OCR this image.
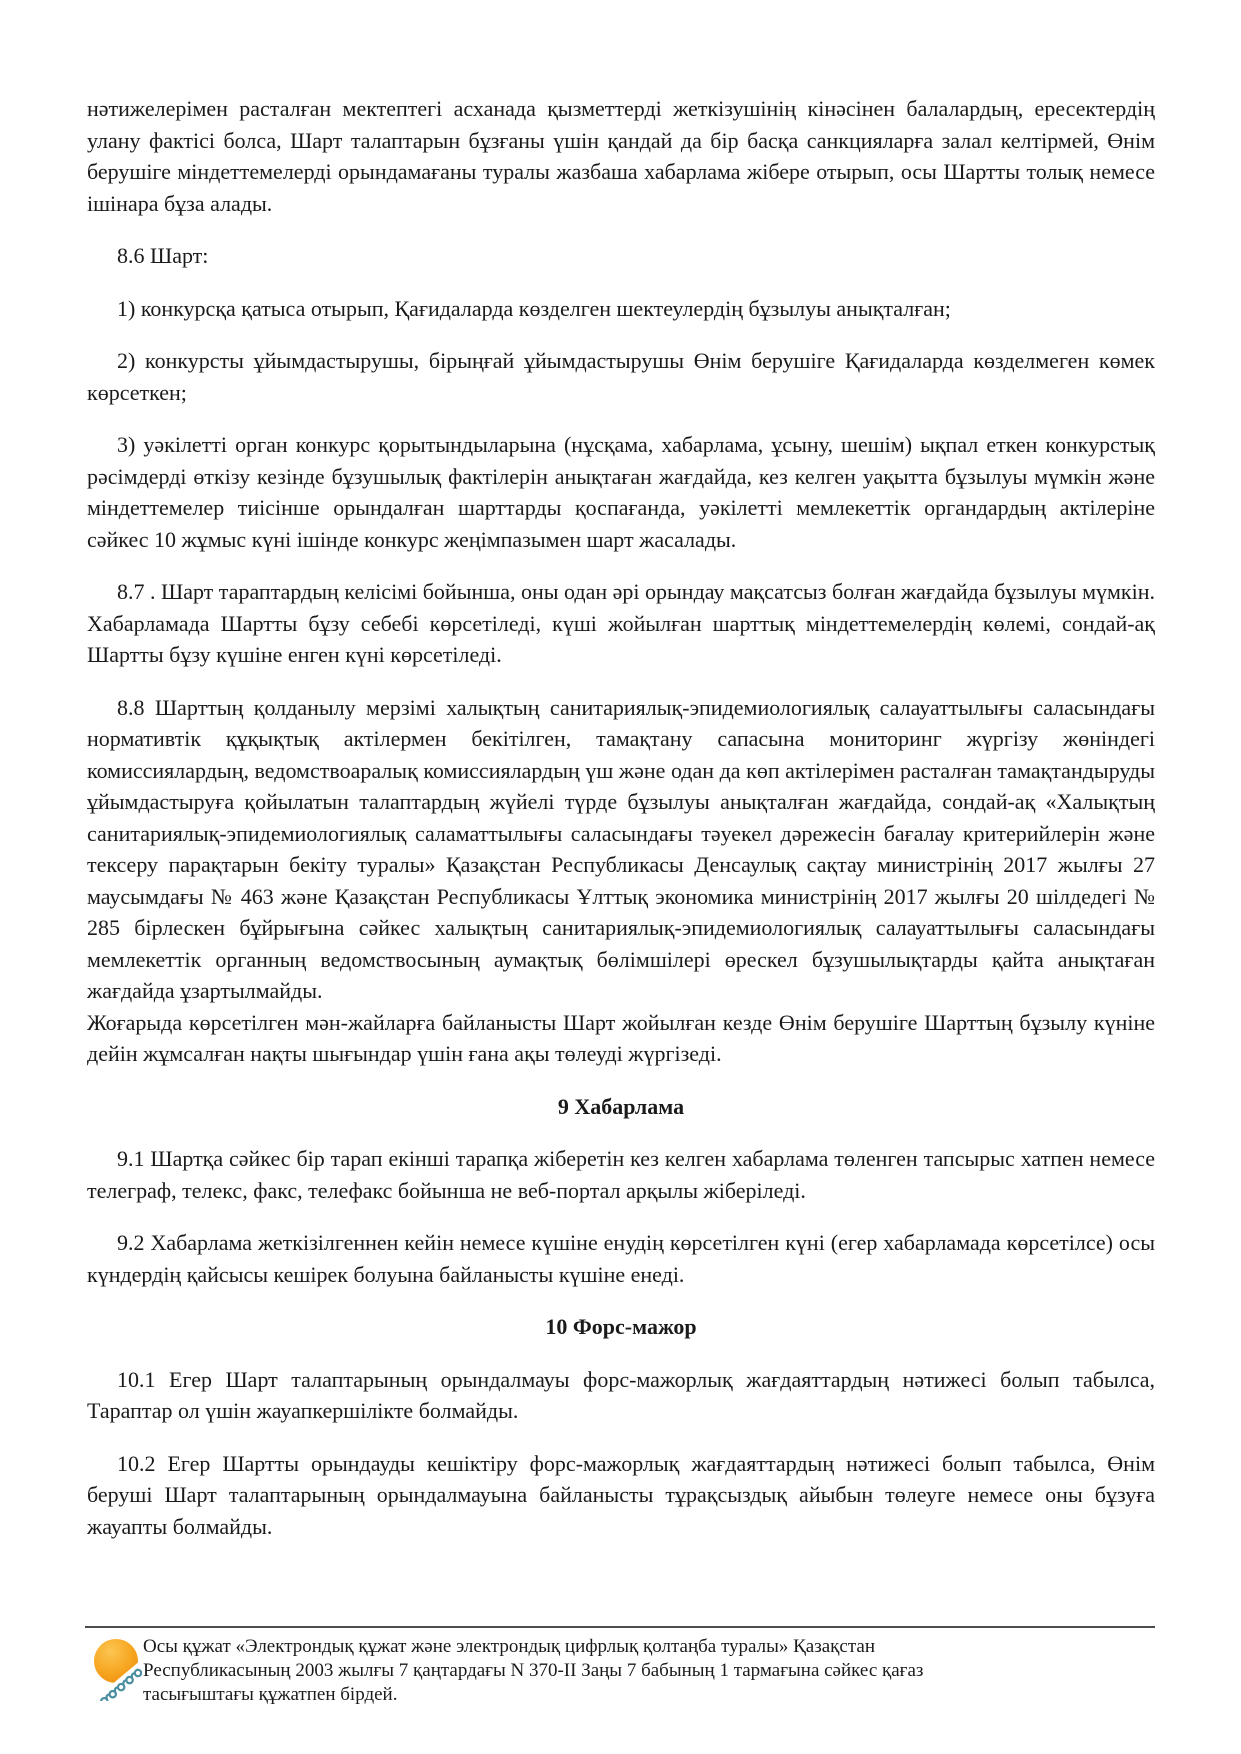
нәтижелерімен расталған мектептегі асханада қызметтерді жеткізушінің кінәсінен балалардың, ересектердің улану фактісі болса, Шарт талаптарын бұзғаны үшін қандай да бір басқа санкцияларға залал келтірмей, Өнім берушіге міндеттемелерді орындамағаны туралы жазбаша хабарлама жібере отырып, осы Шартты толық немесе ішінара бұза алады.

8.6 Шарт:

1) конкурсқа қатыса отырып, Қағидаларда көзделген шектеулердің бұзылуы анықталған;

2) конкурсты ұйымдастырушы, бірыңғай ұйымдастырушы Өнім берушіге Қағидаларда көзделмеген көмек көрсеткен;

3) уәкілетті орган конкурс қорытындыларына (нұсқама, хабарлама, ұсыну, шешім) ықпал еткен конкурстық рәсімдерді өткізу кезінде бұзушылық фактілерін анықтаған жағдайда, кез келген уақытта бұзылуы мүмкін және міндеттемелер тиісінше орындалған шарттарды қоспағанда, уәкілетті мемлекеттік органдардың актілеріне сәйкес 10 жұмыс күні ішінде конкурс жеңімпазымен шарт жасалады.

8.7 . Шарт тараптардың келісімі бойынша, оны одан әрі орындау мақсатсыз болған жағдайда бұзылуы мүмкін. Хабарламада Шартты бұзу себебі көрсетіледі, күші жойылған шарттық міндеттемелердің көлемі, сондай-ақ Шартты бұзу күшіне енген күні көрсетіледі.

8.8 Шарттың қолданылу мерзімі халықтың санитариялық-эпидемиологиялық салауаттылығы саласындағы нормативтік құқықтық актілермен бекітілген, тамақтану сапасына мониторинг жүргізу жөніндегі комиссиялардың, ведомствоаралық комиссиялардың үш және одан да көп актілерімен расталған тамақтандыруды ұйымдастыруға қойылатын талаптардың жүйелі түрде бұзылуы анықталған жағдайда, сондай-ақ «Халықтың санитариялық-эпидемиологиялық саламаттылығы саласындағы тәуекел дәрежесін бағалау критерийлерін және тексеру парақтарын бекіту туралы» Қазақстан Республикасы Денсаулық сақтау министрінің 2017 жылғы 27 маусымдағы № 463 және Қазақстан Республикасы Ұлттық экономика министрінің 2017 жылғы 20 шілдедегі № 285 бірлескен бұйрығына сәйкес халықтың санитариялық-эпидемиологиялық салауаттылығы саласындағы мемлекеттік органның ведомствосының аумақтық бөлімшілері өрескел бұзушылықтарды қайта анықтаған жағдайда ұзартылмайды.

Жоғарыда көрсетілген мән-жайларға байланысты Шарт жойылған кезде Өнім берушіге Шарттың бұзылу күніне дейін жұмсалған нақты шығындар үшін ғана ақы төлеуді жүргізеді.

9 Хабарлама

9.1 Шартқа сәйкес бір тарап екінші тарапқа жіберетін кез келген хабарлама төленген тапсырыс хатпен немесе телеграф, телекс, факс, телефакс бойынша не веб-портал арқылы жіберіледі.

9.2 Хабарлама жеткізілгеннен кейін немесе күшіне енудің көрсетілген күні (егер хабарламада көрсетілсе) осы күндердің қайсысы кешірек болуына байланысты күшіне енеді.

10 Форс-мажор

10.1 Егер Шарт талаптарының орындалмауы форс-мажорлық жағдаяттардың нәтижесі болып табылса, Тараптар ол үшін жауапкершілікте болмайды.

10.2 Егер Шартты орындауды кешіктіру форс-мажорлық жағдаяттардың нәтижесі болып табылса, Өнім беруші Шарт талаптарының орындалмауына байланысты тұрақсыздық айыбын төлеуге немесе оны бұзуға жауапты болмайды.

Осы құжат «Электрондық құжат және электрондық цифрлық қолтаңба туралы» Қазақстан
Республикасының 2003 жылғы 7 қаңтардағы N 370-II Заңы 7 бабының 1 тармағына сәйкес қағаз
тасығыштағы құжатпен бірдей.
